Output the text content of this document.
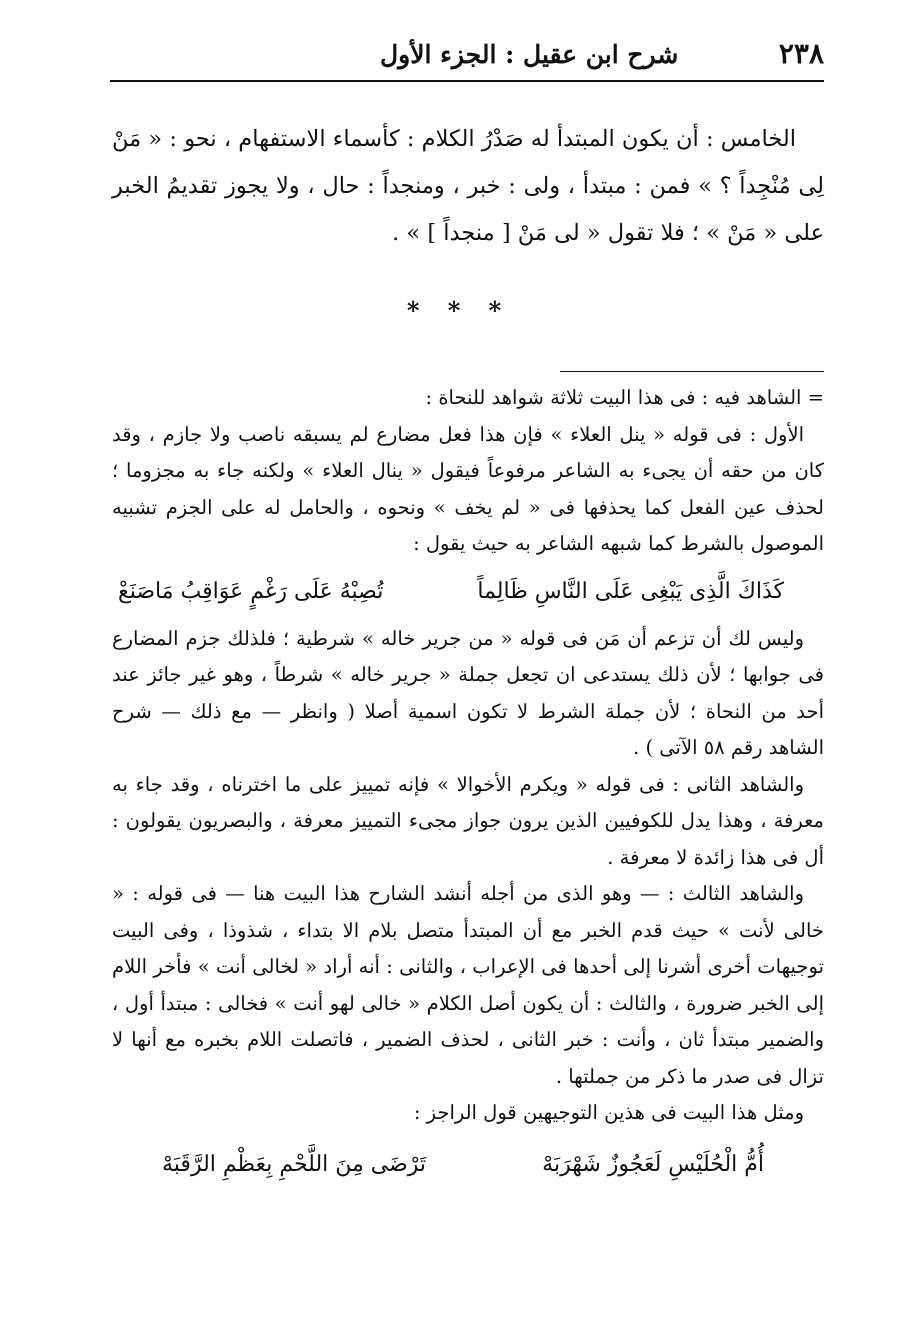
٢٣٨
شرح ابن عقيل : الجزء الأول

الخامس : أن يكون المبتدأ له صَدْرُ الكلام : كأسماء الاستفهام ، نحو : « مَنْ لِى مُنْجِداً ؟ » فمن : مبتدأ ، ولى : خبر ، ومنجداً : حال ، ولا يجوز تقديمُ الخبر على « مَنْ » ؛ فلا تقول « لى مَنْ [ منجداً ] » .

* * *

= الشاهد فيه : فى هذا البيت ثلاثة شواهد للنحاة :

الأول : فى قوله « ينل العلاء » فإن هذا فعل مضارع لم يسبقه ناصب ولا جازم ، وقد كان من حقه أن يجىء به الشاعر مرفوعاً فيقول « ينال العلاء » ولكنه جاء به مجزوما ؛ لحذف عين الفعل كما يحذفها فى « لم يخف » ونحوه ، والحامل له على الجزم تشبيه الموصول بالشرط كما شبهه الشاعر به حيث يقول :

كَذَاكَ الَّذِى يَبْغِى عَلَى النَّاسِ ظَالِماً
تُصِبْهُ عَلَى رَغْمٍ عَوَاقِبُ مَاصَنَعْ

وليس لك أن تزعم أن مَن فى قوله « من جرير خاله » شرطية ؛ فلذلك جزم المضارع فى جوابها ؛ لأن ذلك يستدعى ان تجعل جملة « جرير خاله » شرطاً ، وهو غير جائز عند أحد من النحاة ؛ لأن جملة الشرط لا تكون اسمية أصلا ( وانظر — مع ذلك — شرح الشاهد رقم ٥٨ الآتى ) .

والشاهد الثانى : فى قوله « ويكرم الأخوالا » فإنه تمييز على ما اخترناه ، وقد جاء به معرفة ، وهذا يدل للكوفيين الذين يرون جواز مجىء التمييز معرفة ، والبصريون يقولون : أل فى هذا زائدة لا معرفة .

والشاهد الثالث : — وهو الذى من أجله أنشد الشارح هذا البيت هنا — فى قوله : « خالى لأنت » حيث قدم الخبر مع أن المبتدأ متصل بلام الا بتداء ، شذوذا ، وفى البيت توجيهات أخرى أشرنا إلى أحدها فى الإعراب ، والثانى : أنه أراد « لخالى أنت » فأخر اللام إلى الخبر ضرورة ، والثالث : أن يكون أصل الكلام « خالى لهو أنت » فخالى : مبتدأ أول ، والضمير مبتدأ ثان ، وأنت : خبر الثانى ، لحذف الضمير ، فاتصلت اللام بخبره مع أنها لا تزال فى صدر ما ذكر من جملتها .

ومثل هذا البيت فى هذين التوجيهين قول الراجز :

أُمُّ الْحُلَيْسِ لَعَجُوزٌ شَهْرَبَهْ
تَرْضَى مِنَ اللَّحْمِ بِعَظْمِ الرَّقَبَهْ
